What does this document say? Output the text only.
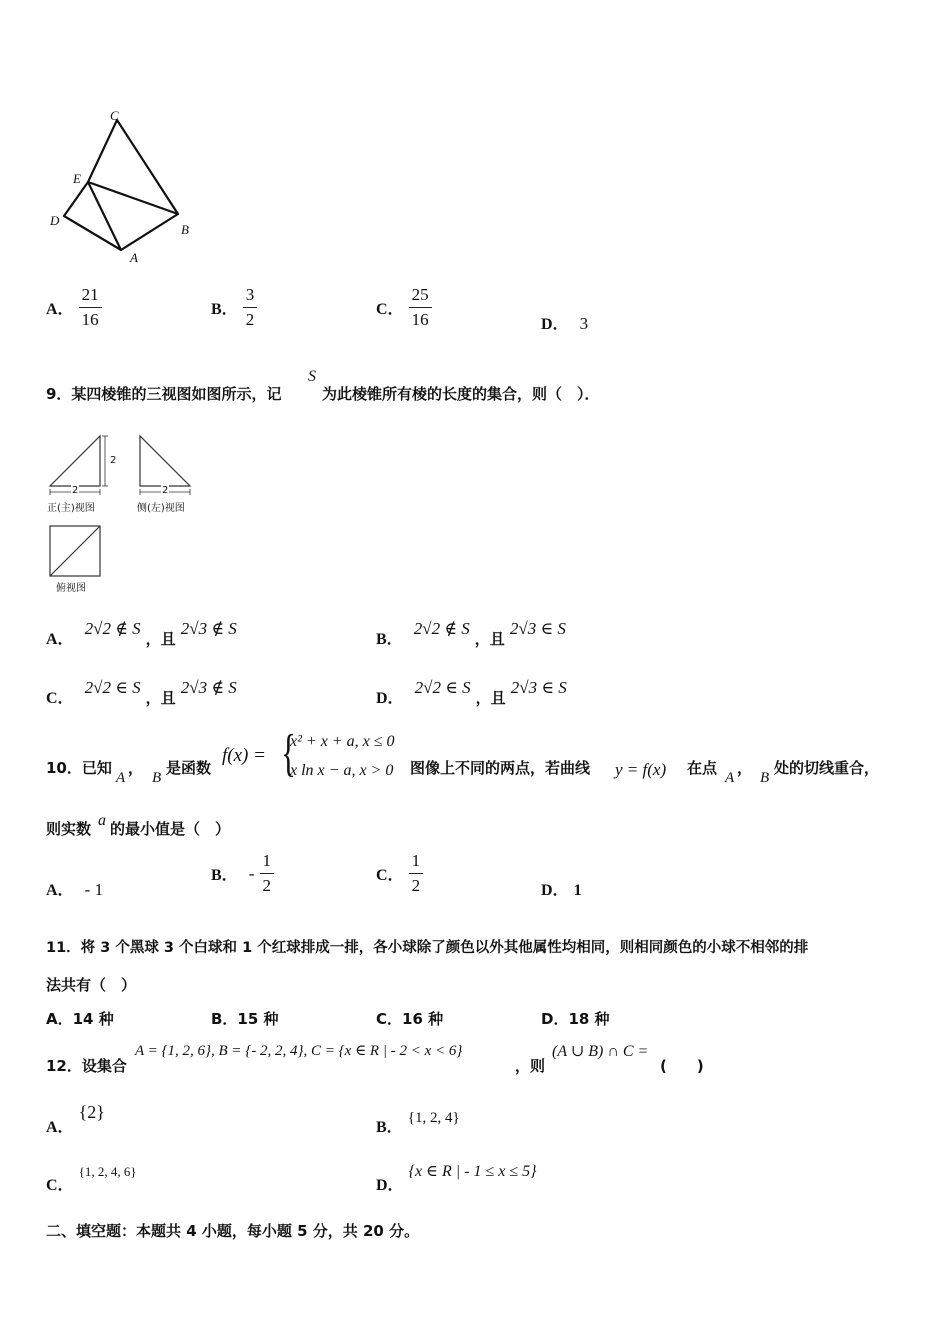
C
E
D
B
A
A． $\frac{21}{16}$	B． $\frac{3}{2}$	C． $\frac{25}{16}$	D． 3
9．某四棱锥的三视图如图所示，记
S
为此棱锥所有棱的长度的集合，则（　）．
2
2	2
正(主)视图	侧(左)视图
俯视图
A． 2√2 ∉ S ，且 2√3 ∉ S
B． 2√2 ∉ S ，且 2√3 ∈ S
C． 2√2 ∈ S ，且 2√3 ∉ S
D． 2√2 ∈ S ，且 2√3 ∈ S
10．已知
A
，
B
是函数
f(x) = {
x² + x + a, x ≤ 0
x ln x − a, x > 0 图像上不同的两点，若曲线 y = f(x) 在点
A
，
B
处的切线重合，
则实数 a 的最小值是（　）
A． - 1
B． - $\frac{1}{2}$	C． $\frac{1}{2}$	D． 1
11．将 3 个黑球 3 个白球和 1 个红球排成一排，各小球除了颜色以外其他属性均相同，则相同颜色的小球不相邻的排
法共有（　）
A．14 种	B．15 种	C．16 种	D．18 种
12．设集合
A = {1, 2, 6}, B = {- 2, 2, 4}, C = {x ∈ R | - 2 < x < 6}
，则
(A ∪ B) ∩ C =
(　　)
A． {2}
B． {1, 2, 4}
C． {1, 2, 4, 6}
D． {x ∈ R | - 1 ≤ x ≤ 5}
二、填空题：本题共 4 小题，每小题 5 分，共 20 分。
